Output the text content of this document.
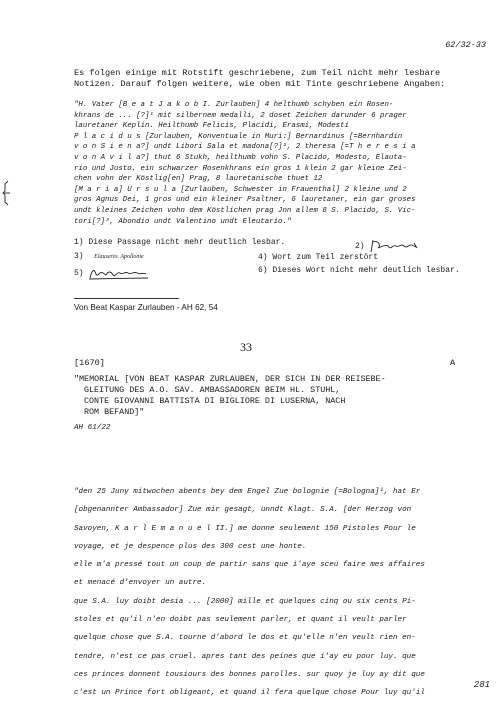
62/32-33
Es folgen einige mit Rotstift geschriebene, zum Teil nicht mehr lesbare Notizen. Darauf folgen weitere, wie oben mit Tinte geschriebene Angaben:
"H. Vater [B e a t J a k o b I. Zurlauben] 4 helthumb schyben ein Rosen-
khrans de ... [?]¹ mit silbernem medalli, 2 doset Zeichen darunder 6 prager
lauretaner Keplin. Heilthumb Felicis, Placidi, Erasmi, Modesti
P l a c i d u s [Zurlauben, Konventuale in Muri:] Bernardinus [=Bernhardin
v o n S i e n a?] undt Libori Sala et madona[?]², 2 theresa [=T h e r e s i a
v o n A v i l a?] thut 6 Stukh, heilthumb vohn S. Placido, Modesto, Elauta-
rio und Justo. ein schwarzer Rosenkhrans ein gros 1 klein 2 gar kleine Zei-
chen vohn der Köstlig[en] Prag, 8 lauretanische thuet 12
[M a r i a] U r s u l a [Zurlauben, Schwester in Frauenthal] 2 kleine und 2
gros Agnus Dei, 1 gros und ein kleiner Psaltner, 6 lauretaner, ein gar groses
undt kleines Zeichen vohn dem Köstlichen prag Jnn allem 8 S. Placido, S. Vic-
tori[?]³, Abondio undt Valentino undt Eleutario."
1) Diese Passage nicht mehr deutlich lesbar.	2)
3) Elauserio. Apollonie	4) Wort zum Teil zerstört
5)	6) Dieses Wort nicht mehr deutlich lesbar.
Von Beat Kaspar Zurlauben - AH 62, 54
33
[1670]	A
"MEMORIAL [VON BEAT KASPAR ZURLAUBEN, DER SICH IN DER REISEBE-
GLEITUNG DES A.O. SAV. AMBASSADOREN BEIM HL. STUHL,
CONTE GIOVANNI BATTISTA DI BIGLIORE DI LUSERNA, NACH
ROM BEFAND]"
AH 61/22
"den 25 Juny mitwochen abents bey dem Engel Zue bolognie [=Bologna]¹, hat Er
[obgenannter Ambassador] Zue mir gesagt, unndt Klagt. S.A. [der Herzog von
Savoyen, K a r l E m a n u e l II.] me donne seulement 150 Pistoles Pour le
voyage, et je despence plus des 300 cest une honte.
elle m'a pressé tout un coup de partir sans que i'aye sceu faire mes affaires
et menacé d'envoyer un autre.
que S.A. luy doibt desia ... [2000] mille et quelques cinq ou six cents Pi-
stoles et qu'il n'en doibt pas seulement parler, et quant il veult parler
quelque chose que S.A. tourne d'abord le dos et qu'elle n'en veult rien en-
tendre, n'est ce pas cruel. apres tant des peines que i'ay eu pour luy. que
ces princes donnent tousiours des bonnes parolles. sur quoy je luy ay dit que
c'est un Prince fort obligeant, et quand il fera quelque chose Pour luy qu'il
281
